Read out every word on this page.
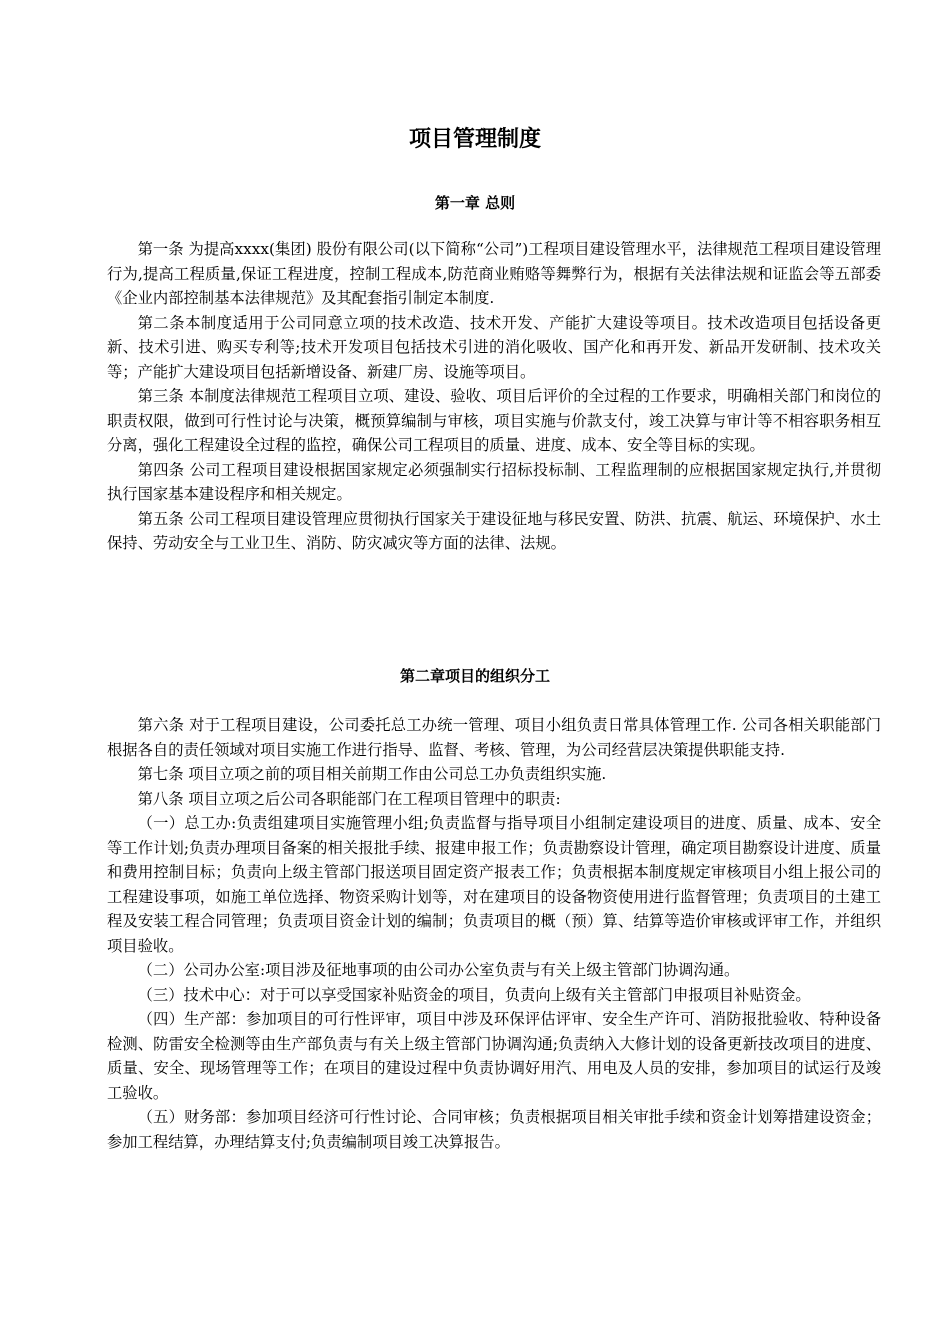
项目管理制度
第一章 总则

第一条 为提高xxxx(集团) 股份有限公司(以下简称“公司”)工程项目建设管理水平，法律规范工程项目建设管理行为,提高工程质量,保证工程进度，控制工程成本,防范商业贿赂等舞弊行为，根据有关法律法规和证监会等五部委《企业内部控制基本法律规范》及其配套指引制定本制度.

第二条本制度适用于公司同意立项的技术改造、技术开发、产能扩大建设等项目。技术改造项目包括设备更新、技术引进、购买专利等;技术开发项目包括技术引进的消化吸收、国产化和再开发、新品开发研制、技术攻关等；产能扩大建设项目包括新增设备、新建厂房、设施等项目。

第三条 本制度法律规范工程项目立项、建设、验收、项目后评价的全过程的工作要求，明确相关部门和岗位的职责权限，做到可行性讨论与决策，概预算编制与审核，项目实施与价款支付，竣工决算与审计等不相容职务相互分离，强化工程建设全过程的监控，确保公司工程项目的质量、进度、成本、安全等目标的实现。

第四条 公司工程项目建设根据国家规定必须强制实行招标投标制、工程监理制的应根据国家规定执行,并贯彻执行国家基本建设程序和相关规定。

第五条 公司工程项目建设管理应贯彻执行国家关于建设征地与移民安置、防洪、抗震、航运、环境保护、水土保持、劳动安全与工业卫生、消防、防灾减灾等方面的法律、法规。

第二章项目的组织分工

第六条 对于工程项目建设，公司委托总工办统一管理、项目小组负责日常具体管理工作. 公司各相关职能部门根据各自的责任领域对项目实施工作进行指导、监督、考核、管理，为公司经营层决策提供职能支持.

第七条 项目立项之前的项目相关前期工作由公司总工办负责组织实施.

第八条 项目立项之后公司各职能部门在工程项目管理中的职责:

（一）总工办:负责组建项目实施管理小组;负责监督与指导项目小组制定建设项目的进度、质量、成本、安全等工作计划;负责办理项目备案的相关报批手续、报建申报工作；负责勘察设计管理，确定项目勘察设计进度、质量和费用控制目标；负责向上级主管部门报送项目固定资产报表工作；负责根据本制度规定审核项目小组上报公司的工程建设事项，如施工单位选择、物资采购计划等，对在建项目的设备物资使用进行监督管理；负责项目的土建工程及安装工程合同管理；负责项目资金计划的编制；负责项目的概（预）算、结算等造价审核或评审工作，并组织项目验收。

（二）公司办公室:项目涉及征地事项的由公司办公室负责与有关上级主管部门协调沟通。

（三）技术中心：对于可以享受国家补贴资金的项目，负责向上级有关主管部门申报项目补贴资金。

（四）生产部：参加项目的可行性评审，项目中涉及环保评估评审、安全生产许可、消防报批验收、特种设备检测、防雷安全检测等由生产部负责与有关上级主管部门协调沟通;负责纳入大修计划的设备更新技改项目的进度、质量、安全、现场管理等工作；在项目的建设过程中负责协调好用汽、用电及人员的安排，参加项目的试运行及竣工验收。

（五）财务部：参加项目经济可行性讨论、合同审核；负责根据项目相关审批手续和资金计划筹措建设资金；参加工程结算，办理结算支付;负责编制项目竣工决算报告。
